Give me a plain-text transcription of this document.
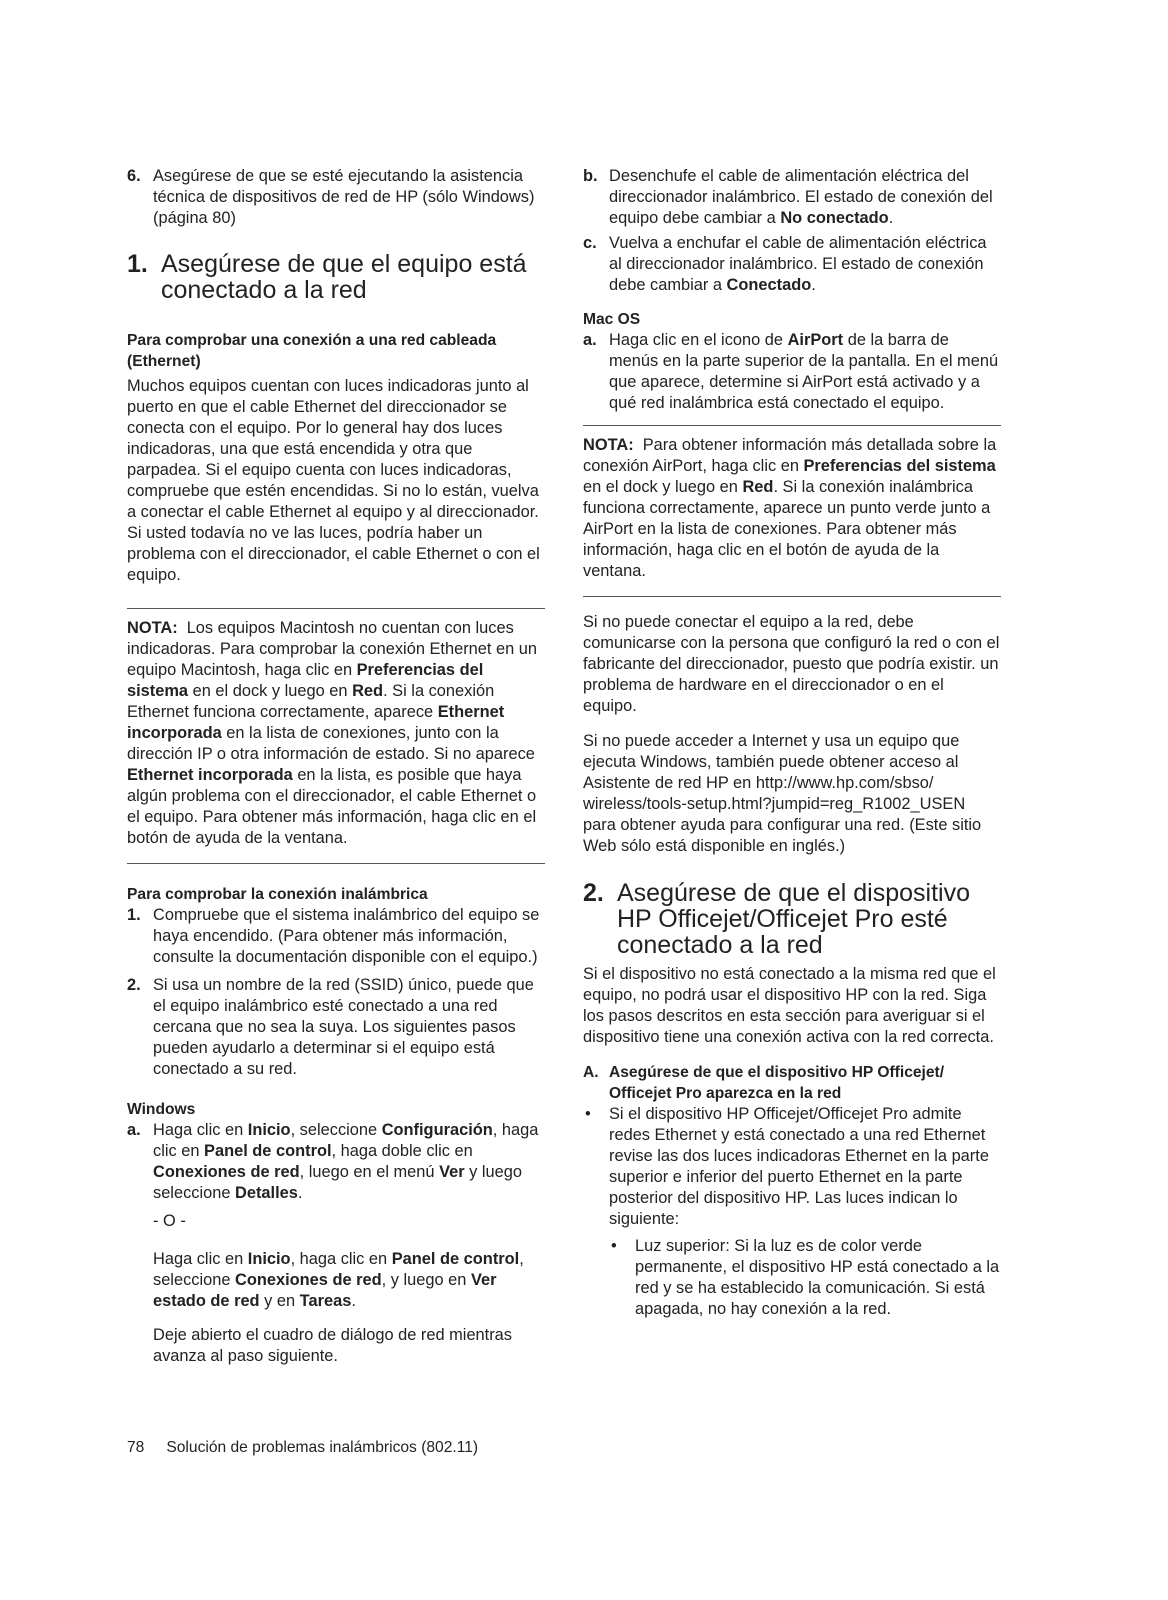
6. Asegúrese de que se esté ejecutando la asistencia técnica de dispositivos de red de HP (sólo Windows) (página 80)
1. Asegúrese de que el equipo está conectado a la red

Para comprobar una conexión a una red cableada (Ethernet)

Muchos equipos cuentan con luces indicadoras junto al puerto en que el cable Ethernet del direccionador se conecta con el equipo. Por lo general hay dos luces indicadoras, una que está encendida y otra que parpadea. Si el equipo cuenta con luces indicadoras, compruebe que estén encendidas. Si no lo están, vuelva a conectar el cable Ethernet al equipo y al direccionador. Si usted todavía no ve las luces, podría haber un problema con el direccionador, el cable Ethernet o con el equipo.

NOTA: Los equipos Macintosh no cuentan con luces indicadoras. Para comprobar la conexión Ethernet en un equipo Macintosh, haga clic en Preferencias del sistema en el dock y luego en Red. Si la conexión Ethernet funciona correctamente, aparece Ethernet incorporada en la lista de conexiones, junto con la dirección IP o otra información de estado. Si no aparece Ethernet incorporada en la lista, es posible que haya algún problema con el direccionador, el cable Ethernet o el equipo. Para obtener más información, haga clic en el botón de ayuda de la ventana.

Para comprobar la conexión inalámbrica

1. Compruebe que el sistema inalámbrico del equipo se haya encendido. (Para obtener más información, consulte la documentación disponible con el equipo.)
2. Si usa un nombre de la red (SSID) único, puede que el equipo inalámbrico esté conectado a una red cercana que no sea la suya. Los siguientes pasos pueden ayudarlo a determinar si el equipo está conectado a su red.

Windows

a. Haga clic en Inicio, seleccione Configuración, haga clic en Panel de control, haga doble clic en Conexiones de red, luego en el menú Ver y luego seleccione Detalles.

- O -

Haga clic en Inicio, haga clic en Panel de control, seleccione Conexiones de red, y luego en Ver estado de red y en Tareas.

Deje abierto el cuadro de diálogo de red mientras avanza al paso siguiente.

b. Desenchufe el cable de alimentación eléctrica del direccionador inalámbrico. El estado de conexión del equipo debe cambiar a No conectado.
c. Vuelva a enchufar el cable de alimentación eléctrica al direccionador inalámbrico. El estado de conexión debe cambiar a Conectado.

Mac OS

a. Haga clic en el icono de AirPort de la barra de menús en la parte superior de la pantalla. En el menú que aparece, determine si AirPort está activado y a qué red inalámbrica está conectado el equipo.

NOTA: Para obtener información más detallada sobre la conexión AirPort, haga clic en Preferencias del sistema en el dock y luego en Red. Si la conexión inalámbrica funciona correctamente, aparece un punto verde junto a AirPort en la lista de conexiones. Para obtener más información, haga clic en el botón de ayuda de la ventana.

Si no puede conectar el equipo a la red, debe comunicarse con la persona que configuró la red o con el fabricante del direccionador, puesto que podría existir. un problema de hardware en el direccionador o en el equipo.

Si no puede acceder a Internet y usa un equipo que ejecuta Windows, también puede obtener acceso al Asistente de red HP en http://www.hp.com/sbso/ wireless/tools-setup.html?jumpid=reg_R1002_USEN para obtener ayuda para configurar una red. (Este sitio Web sólo está disponible en inglés.)

2. Asegúrese de que el dispositivo HP Officejet/Officejet Pro esté conectado a la red

Si el dispositivo no está conectado a la misma red que el equipo, no podrá usar el dispositivo HP con la red. Siga los pasos descritos en esta sección para averiguar si el dispositivo tiene una conexión activa con la red correcta.

A. Asegúrese de que el dispositivo HP Officejet/ Officejet Pro aparezca en la red
• Si el dispositivo HP Officejet/Officejet Pro admite redes Ethernet y está conectado a una red Ethernet revise las dos luces indicadoras Ethernet en la parte superior e inferior del puerto Ethernet en la parte posterior del dispositivo HP. Las luces indican lo siguiente:
• Luz superior: Si la luz es de color verde permanente, el dispositivo HP está conectado a la red y se ha establecido la comunicación. Si está apagada, no hay conexión a la red.
78 Solución de problemas inalámbricos (802.11)
